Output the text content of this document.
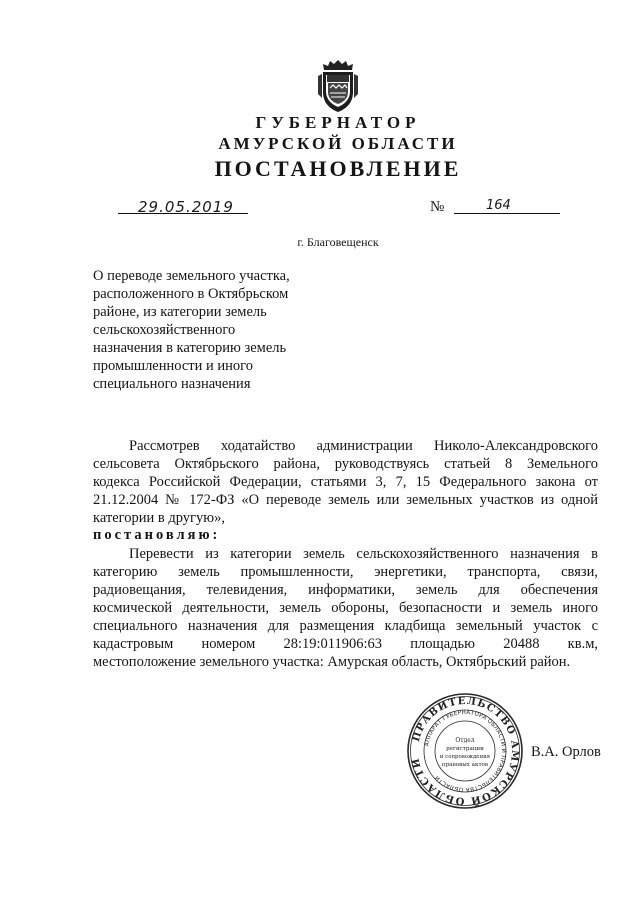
ГУБЕРНАТОР
АМУРСКОЙ ОБЛАСТИ
ПОСТАНОВЛЕНИЕ
29.05.2019	№	164
г. Благовещенск
О переводе земельного участка,
расположенного в Октябрьском
районе, из категории земель
сельскохозяйственного
назначения в категорию земель
промышленности и иного
специального назначения
Рассмотрев ходатайство администрации Николо-Александровского
сельсовета Октябрьского района, руководствуясь статьей 8 Земельного
кодекса Российской Федерации, статьями 3, 7, 15 Федерального закона от
21.12.2004 № 172-ФЗ «О переводе земель или земельных участков из одной
категории в другую»,
постановляю:
Перевести из категории земель сельскохозяйственного назначения в
категорию земель промышленности, энергетики, транспорта, связи,
радиовещания, телевидения, информатики, земель для обеспечения
космической деятельности, земель обороны, безопасности и земель иного
специального назначения для размещения кладбища земельный участок с
кадастровым номером 28:19:011906:63 площадью 20488 кв.м,
местоположение земельного участка: Амурская область, Октябрьский район.
ПРАВИТЕЛЬСТВО АМУРСКОЙ ОБЛАСТИ
АППАРАТ ГУБЕРНАТОРА ОБЛАСТИ И ПРАВИТЕЛЬСТВА ОБЛАСТИ
Отдел
регистрации
и сопровождения
правовых актов
В.А. Орлов
